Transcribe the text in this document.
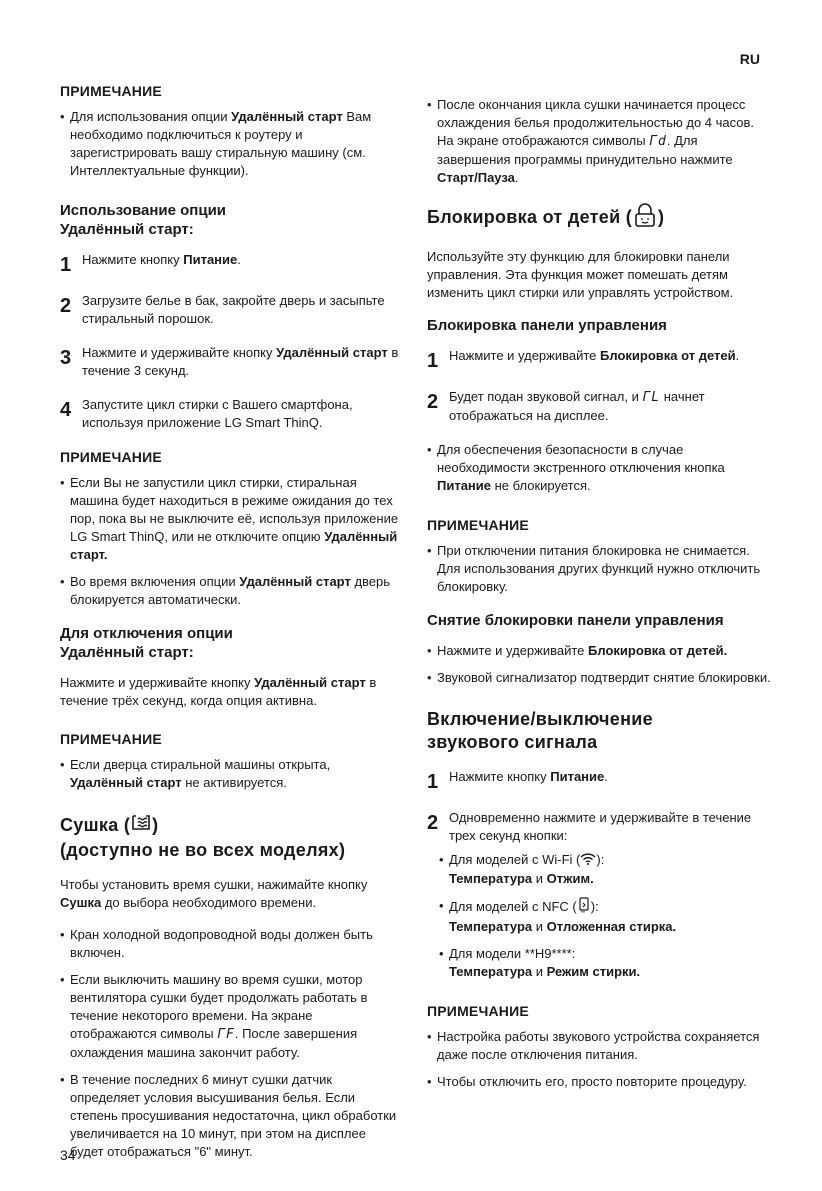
RU
ПРИМЕЧАНИЕ
• Для использования опции Удалённый старт Вам необходимо подключиться к роутеру и зарегистрировать вашу стиральную машину (см. Интеллектуальные функции).
Использование опции
Удалённый старт:
1 Нажмите кнопку Питание.
2 Загрузите белье в бак, закройте дверь и засыпьте стиральный порошок.
3 Нажмите и удерживайте кнопку Удалённый старт в течение 3 секунд.
4 Запустите цикл стирки с Вашего смартфона, используя приложение LG Smart ThinQ.
ПРИМЕЧАНИЕ
• Если Вы не запустили цикл стирки, стиральная машина будет находиться в режиме ожидания до тех пор, пока вы не выключите её, используя приложение LG Smart ThinQ, или не отключите опцию Удалённый старт.
• Во время включения опции Удалённый старт дверь блокируется автоматически.
Для отключения опции
Удалённый старт:
Нажмите и удерживайте кнопку Удалённый старт в течение трёх секунд, когда опция активна.
ПРИМЕЧАНИЕ
• Если дверца стиральной машины открыта, Удалённый старт не активируется.
Сушка ( )
(доступно не во всех моделях)
Чтобы установить время сушки, нажимайте кнопку Сушка до выбора необходимого времени.
• Кран холодной водопроводной воды должен быть включен.
• Если выключить машину во время сушки, мотор вентилятора сушки будет продолжать работать в течение некоторого времени. На экране отображаются символы ΓF. После завершения охлаждения машина закончит работу.
• В течение последних 6 минут сушки датчик определяет условия высушивания белья. Если степень просушивания недостаточна, цикл обработки увеличивается на 10 минут, при этом на дисплее будет отображаться "6" минут.
• После окончания цикла сушки начинается процесс охлаждения белья продолжительностью до 4 часов. На экране отображаются символы Γd. Для завершения программы принудительно нажмите Старт/Пауза.
Блокировка от детей ( )
Используйте эту функцию для блокировки панели управления. Эта функция может помешать детям изменить цикл стирки или управлять устройством.
Блокировка панели управления
1 Нажмите и удерживайте Блокировка от детей.
2 Будет подан звуковой сигнал, и ΓL начнет отображаться на дисплее.
• Для обеспечения безопасности в случае необходимости экстренного отключения кнопка Питание не блокируется.
ПРИМЕЧАНИЕ
• При отключении питания блокировка не снимается. Для использования других функций нужно отключить блокировку.
Снятие блокировки панели управления
• Нажмите и удерживайте Блокировка от детей.
• Звуковой сигнализатор подтвердит снятие блокировки.
Включение/выключение
звукового сигнала
1 Нажмите кнопку Питание.
2 Одновременно нажмите и удерживайте в течение трех секунд кнопки:
• Для моделей с Wi-Fi ( ):
Температура и Отжим.
• Для моделей с NFC ( ):
Температура и Отложенная стирка.
• Для модели **H9****:
Температура и Режим стирки.
ПРИМЕЧАНИЕ
• Настройка работы звукового устройства сохраняется даже после отключения питания.
• Чтобы отключить его, просто повторите процедуру.
34
